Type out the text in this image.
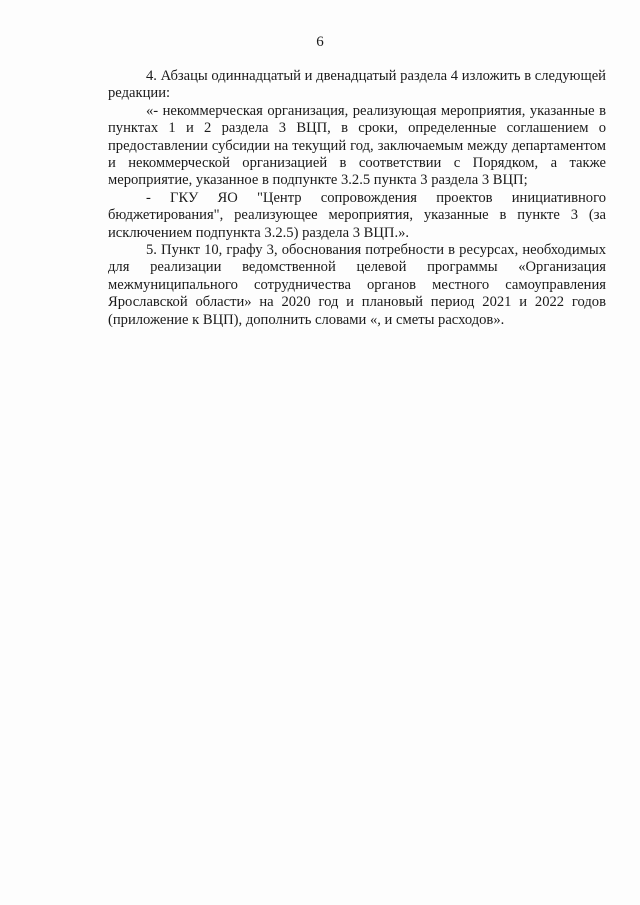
6

4. Абзацы одиннадцатый и двенадцатый раздела 4 изложить в следующей редакции:

«- некоммерческая организация, реализующая мероприятия, указанные в пунктах 1 и 2 раздела 3 ВЦП, в сроки, определенные соглашением о предоставлении субсидии на текущий год, заключаемым между департаментом и некоммерческой организацией в соответствии с Порядком, а также мероприятие, указанное в подпункте 3.2.5 пункта 3 раздела 3 ВЦП;

- ГКУ ЯО "Центр сопровождения проектов инициативного бюджетирования", реализующее мероприятия, указанные в пункте 3 (за исключением подпункта 3.2.5) раздела 3 ВЦП.».

5. Пункт 10, графу 3, обоснования потребности в ресурсах, необходимых для реализации ведомственной целевой программы «Организация межмуниципального сотрудничества органов местного самоуправления Ярославской области» на 2020 год и плановый период 2021 и 2022 годов (приложение к ВЦП), дополнить словами «, и сметы расходов».
